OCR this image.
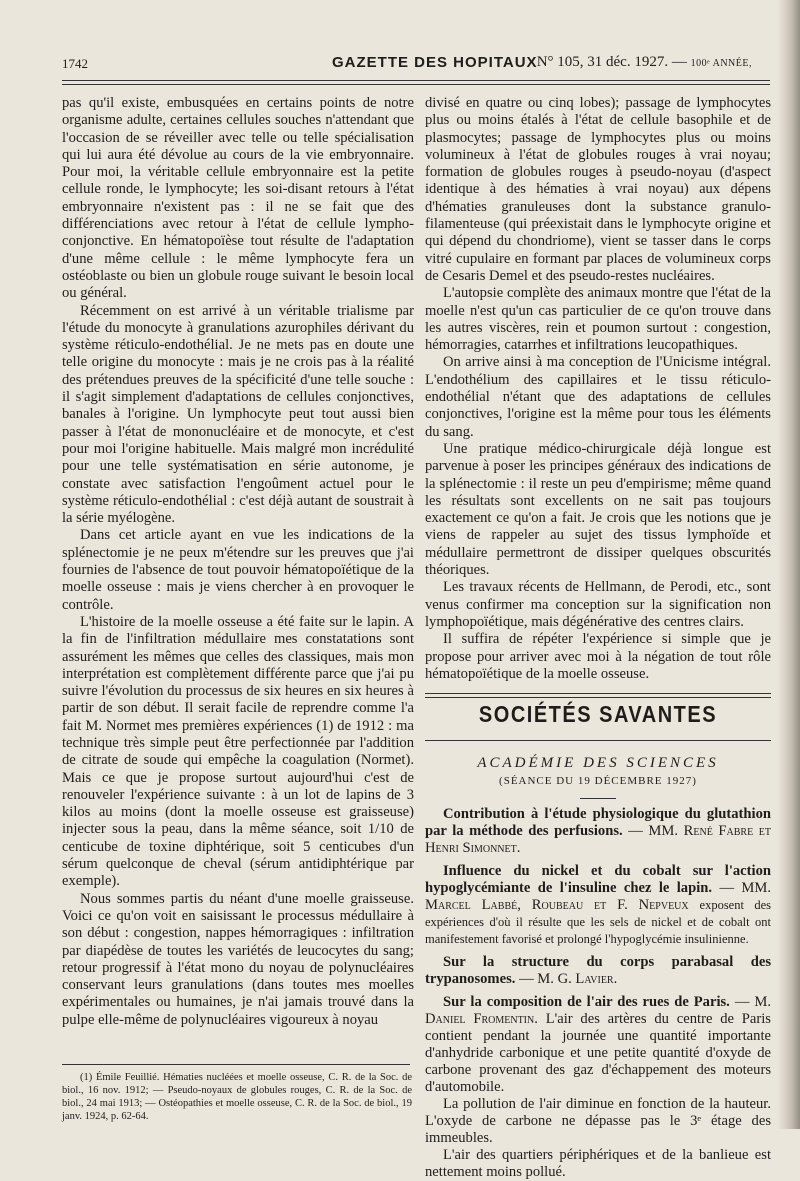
1742	GAZETTE DES HOPITAUX N° 105, 31 déc. 1927. — 100ᵉ ANNÉE,

pas qu'il existe, embusquées en certains points de notre organisme adulte, certaines cellules souches n'attendant que l'occasion de se réveiller avec telle ou telle spécialisation qui lui aura été dévolue au cours de la vie embryonnaire. Pour moi, la véritable cellule embryonnaire est la petite cellule ronde, le lymphocyte; les soi-disant retours à l'état embryonnaire n'existent pas : il ne se fait que des différenciations avec retour à l'état de cellule lympho-conjonctive. En hématopoïèse tout résulte de l'adaptation d'une même cellule : le même lymphocyte fera un ostéoblaste ou bien un globule rouge suivant le besoin local ou général.

Récemment on est arrivé à un véritable trialisme par l'étude du monocyte à granulations azurophiles dérivant du système réticulo-endothélial. Je ne mets pas en doute une telle origine du monocyte : mais je ne crois pas à la réalité des prétendues preuves de la spécificité d'une telle souche : il s'agit simplement d'adaptations de cellules conjonctives, banales à l'origine. Un lymphocyte peut tout aussi bien passer à l'état de mononucléaire et de monocyte, et c'est pour moi l'origine habituelle. Mais malgré mon incrédulité pour une telle systématisation en série autonome, je constate avec satisfaction l'engoûment actuel pour le système réticulo-endothélial : c'est déjà autant de soustrait à la série myélogène.

Dans cet article ayant en vue les indications de la splénectomie je ne peux m'étendre sur les preuves que j'ai fournies de l'absence de tout pouvoir hématopoïétique de la moelle osseuse : mais je viens chercher à en provoquer le contrôle.

L'histoire de la moelle osseuse a été faite sur le lapin. A la fin de l'infiltration médullaire mes constatations sont assurément les mêmes que celles des classiques, mais mon interprétation est complètement différente parce que j'ai pu suivre l'évolution du processus de six heures en six heures à partir de son début. Il serait facile de reprendre comme l'a fait M. Normet mes premières expériences (1) de 1912 : ma technique très simple peut être perfectionnée par l'addition de citrate de soude qui empêche la coagulation (Normet). Mais ce que je propose surtout aujourd'hui c'est de renouveler l'expérience suivante : à un lot de lapins de 3 kilos au moins (dont la moelle osseuse est graisseuse) injecter sous la peau, dans la même séance, soit 1/10 de centicube de toxine diphtérique, soit 5 centicubes d'un sérum quelconque de cheval (sérum antidiphtérique par exemple).

Nous sommes partis du néant d'une moelle graisseuse. Voici ce qu'on voit en saisissant le processus médullaire à son début : congestion, nappes hémorragiques : infiltration par diapédèse de toutes les variétés de leucocytes du sang; retour progressif à l'état mono du noyau de polynucléaires conservant leurs granulations (dans toutes mes moelles expérimentales ou humaines, je n'ai jamais trouvé dans la pulpe elle-même de polynucléaires vigoureux à noyau

(1) Émile Feuillié. Hématies nucléées et moelle osseuse, C. R. de la Soc. de biol., 16 nov. 1912; — Pseudo-noyaux de globules rouges, C. R. de la Soc. de biol., 24 mai 1913; — Ostéopathies et moelle osseuse, C. R. de la Soc. de biol., 19 janv. 1924, p. 62-64.

divisé en quatre ou cinq lobes); passage de lymphocytes plus ou moins étalés à l'état de cellule basophile et de plasmocytes; passage de lymphocytes plus ou moins volumineux à l'état de globules rouges à vrai noyau; formation de globules rouges à pseudo-noyau (d'aspect identique à des hématies à vrai noyau) aux dépens d'hématies granuleuses dont la substance granulo-filamenteuse (qui préexistait dans le lymphocyte origine et qui dépend du chondriome), vient se tasser dans le corps vitré cupulaire en formant par places de volumineux corps de Cesaris Demel et des pseudo-restes nucléaires.

L'autopsie complète des animaux montre que l'état de la moelle n'est qu'un cas particulier de ce qu'on trouve dans les autres viscères, rein et poumon surtout : congestion, hémorragies, catarrhes et infiltrations leucopathiques.

On arrive ainsi à ma conception de l'Unicisme intégral. L'endothélium des capillaires et le tissu réticulo-endothélial n'étant que des adaptations de cellules conjonctives, l'origine est la même pour tous les éléments du sang.

Une pratique médico-chirurgicale déjà longue est parvenue à poser les principes généraux des indications de la splénectomie : il reste un peu d'empirisme; même quand les résultats sont excellents on ne sait pas toujours exactement ce qu'on a fait. Je crois que les notions que je viens de rappeler au sujet des tissus lymphoïde et médullaire permettront de dissiper quelques obscurités théoriques.

Les travaux récents de Hellmann, de Perodi, etc., sont venus confirmer ma conception sur la signification non lymphopoïétique, mais dégénérative des centres clairs.

Il suffira de répéter l'expérience si simple que je propose pour arriver avec moi à la négation de tout rôle hématopoïétique de la moelle osseuse.

SOCIÉTÉS SAVANTES
ACADÉMIE DES SCIENCES
(SÉANCE DU 19 DÉCEMBRE 1927)

Contribution à l'étude physiologique du glutathion par la méthode des perfusions. — MM. René Fabre et Henri Simonnet.

Influence du nickel et du cobalt sur l'action hypoglycémiante de l'insuline chez le lapin. — MM. Marcel Labbé, Roubeau et F. Nepveux exposent des expériences d'où il résulte que les sels de nickel et de cobalt ont manifestement favorisé et prolongé l'hypoglycémie insulinienne.

Sur la structure du corps parabasal des trypanosomes. — M. G. Lavier.

Sur la composition de l'air des rues de Paris. — M. Daniel Fromentin. L'air des artères du centre de Paris contient pendant la journée une quantité importante d'anhydride carbonique et une petite quantité d'oxyde de carbone provenant des gaz d'échappement des moteurs d'automobile.

La pollution de l'air diminue en fonction de la hauteur. L'oxyde de carbone ne dépasse pas le 3ᵉ étage des immeubles.

L'air des quartiers périphériques et de la banlieue est nettement moins pollué.
